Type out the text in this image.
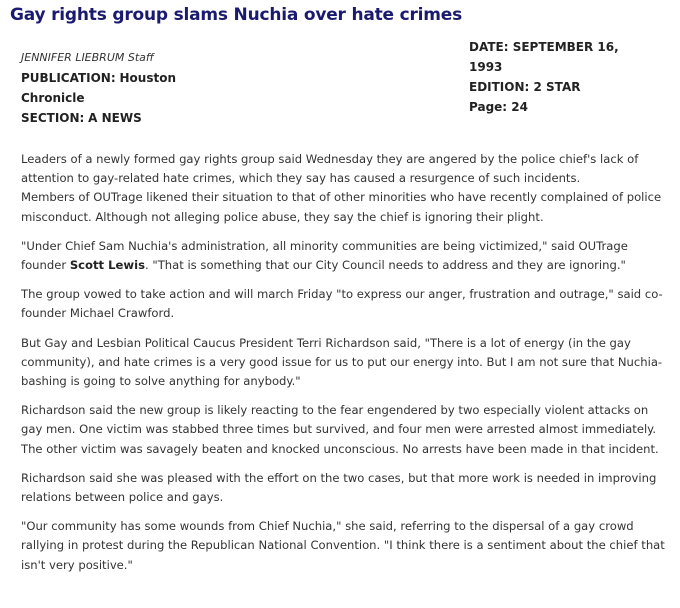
Gay rights group slams Nuchia over hate crimes
JENNIFER LIEBRUM Staff
PUBLICATION: Houston Chronicle
SECTION: A NEWS
DATE: SEPTEMBER 16, 1993
EDITION: 2 STAR
Page: 24

Leaders of a newly formed gay rights group said Wednesday they are angered by the police chief's lack of attention to gay-related hate crimes, which they say has caused a resurgence of such incidents.
Members of OUTrage likened their situation to that of other minorities who have recently complained of police misconduct. Although not alleging police abuse, they say the chief is ignoring their plight.

"Under Chief Sam Nuchia's administration, all minority communities are being victimized," said OUTrage founder Scott Lewis. "That is something that our City Council needs to address and they are ignoring."

The group vowed to take action and will march Friday "to express our anger, frustration and outrage," said co-founder Michael Crawford.

But Gay and Lesbian Political Caucus President Terri Richardson said, "There is a lot of energy (in the gay community), and hate crimes is a very good issue for us to put our energy into. But I am not sure that Nuchia-bashing is going to solve anything for anybody."

Richardson said the new group is likely reacting to the fear engendered by two especially violent attacks on gay men. One victim was stabbed three times but survived, and four men were arrested almost immediately. The other victim was savagely beaten and knocked unconscious. No arrests have been made in that incident.

Richardson said she was pleased with the effort on the two cases, but that more work is needed in improving relations between police and gays.

"Our community has some wounds from Chief Nuchia," she said, referring to the dispersal of a gay crowd rallying in protest during the Republican National Convention. "I think there is a sentiment about the chief that isn't very positive."
